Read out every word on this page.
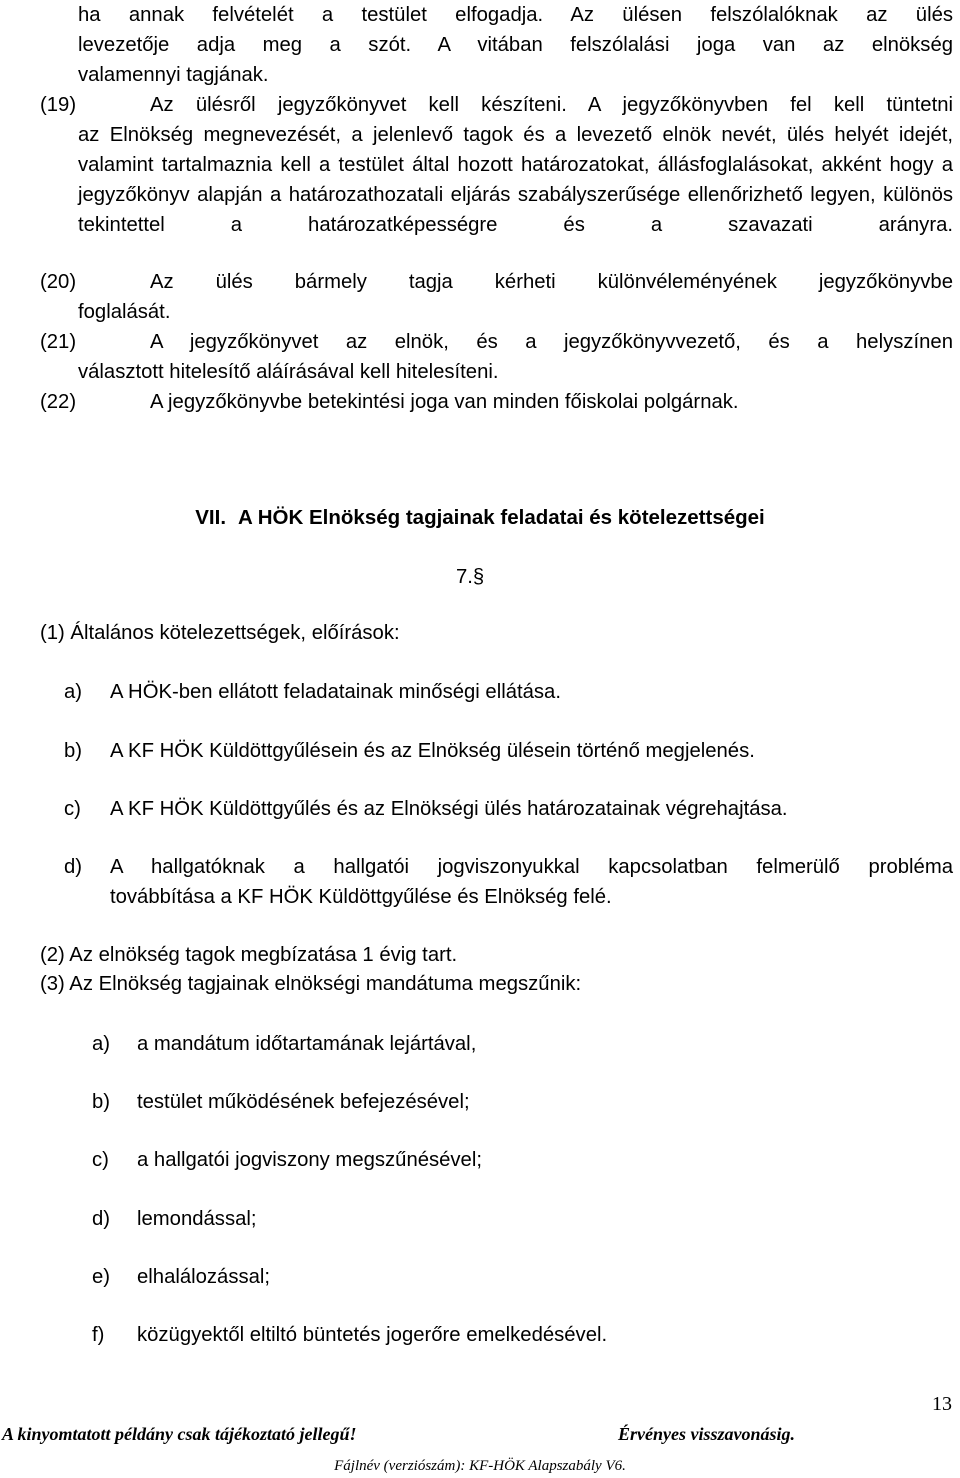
ha annak felvételét a testület elfogadja. Az ülésen felszólalóknak az ülés
levezetője adja meg a szót. A vitában felszólalási joga van az elnökség
valamennyi tagjának.
(19)	Az ülésről jegyzőkönyvet kell készíteni. A jegyzőkönyvben fel kell tüntetni
az Elnökség megnevezését, a jelenlevő tagok és a levezető elnök nevét, ülés helyét idejét, valamint tartalmaznia kell a testület által hozott határozatokat, állásfoglalásokat, akként hogy a jegyzőkönyv alapján a határozathozatali eljárás szabályszerűsége ellenőrizhető legyen, különös tekintettel a határozatképességre és a szavazati arányra.
(20)	Az ülés bármely tagja kérheti különvéleményének jegyzőkönyvbe
foglalását.
(21)	A jegyzőkönyvet az elnök, és a jegyzőkönyvvezető, és a helyszínen
választott hitelesítő aláírásával kell hitelesíteni.
(22)	A jegyzőkönyvbe betekintési joga van minden főiskolai polgárnak.
VII. A HÖK Elnökség tagjainak feladatai és kötelezettségei
7.§
(1) Általános kötelezettségek, előírások:
a) A HÖK-ben ellátott feladatainak minőségi ellátása.
b) A KF HÖK Küldöttgyűlésein és az Elnökség ülésein történő megjelenés.
c) A KF HÖK Küldöttgyűlés és az Elnökségi ülés határozatainak végrehajtása.
d) A hallgatóknak a hallgatói jogviszonyukkal kapcsolatban felmerülő probléma
továbbítása a KF HÖK Küldöttgyűlése és Elnökség felé.
(2) Az elnökség tagok megbízatása 1 évig tart.
(3) Az Elnökség tagjainak elnökségi mandátuma megszűnik:
a) a mandátum időtartamának lejártával,
b) testület működésének befejezésével;
c) a hallgatói jogviszony megszűnésével;
d) lemondással;
e) elhalálozással;
f) közügyektől eltiltó büntetés jogerőre emelkedésével.
13
A kinyomtatott példány csak tájékoztató jellegű!	Érvényes visszavonásig.
Fájlnév (verziószám): KF-HÖK Alapszabály V6.
